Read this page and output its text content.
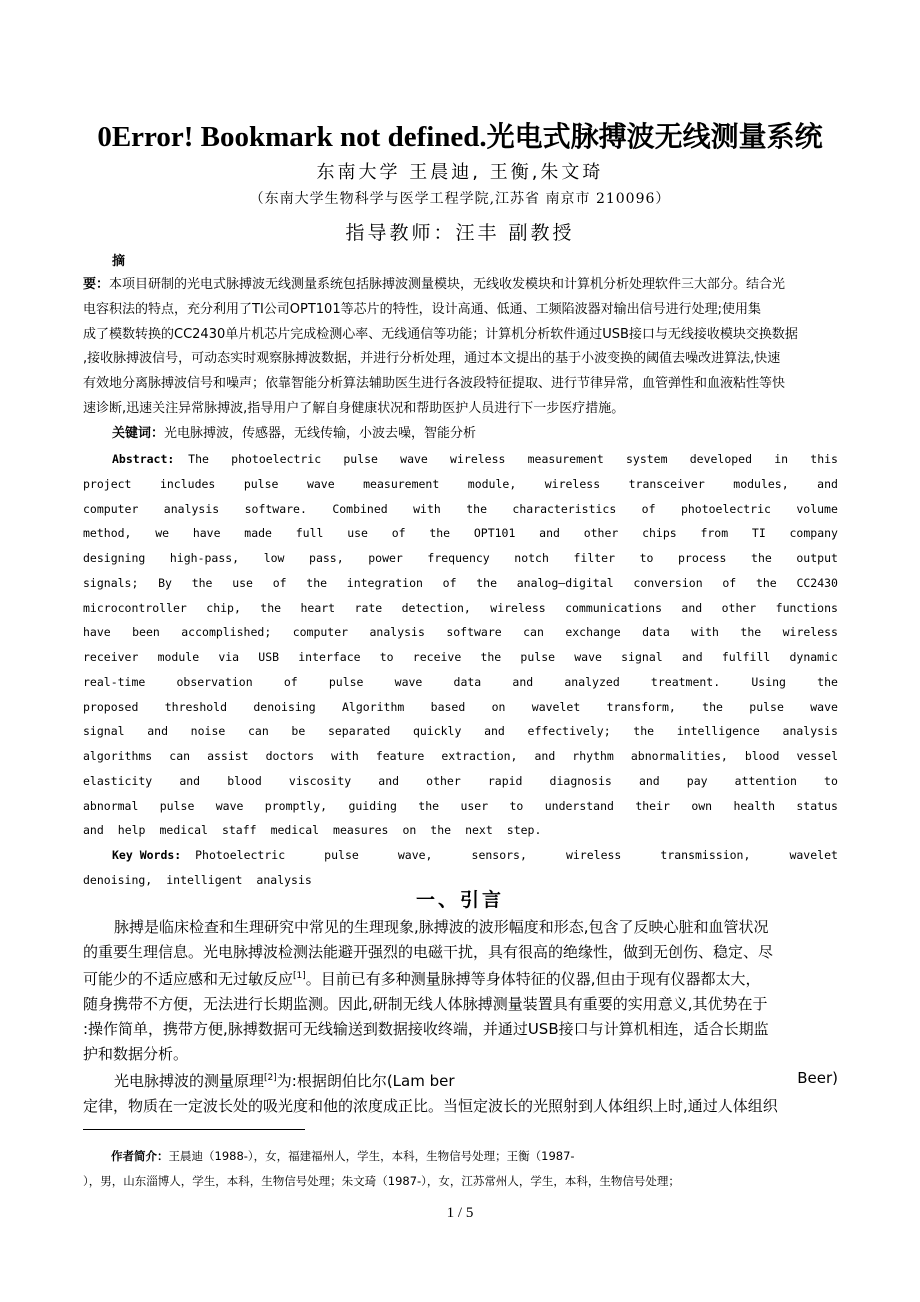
0Error! Bookmark not defined.光电式脉搏波无线测量系统
东南大学 王晨迪, 王衡,朱文琦
（东南大学生物科学与医学工程学院,江苏省 南京市 210096）
指导教师：汪丰 副教授
摘
要：本项目研制的光电式脉搏波无线测量系统包括脉搏波测量模块，无线收发模块和计算机分析处理软件三大部分。结合光
电容积法的特点，充分利用了TI公司OPT101等芯片的特性，设计高通、低通、工频陷波器对输出信号进行处理;使用集
成了模数转换的CC2430单片机芯片完成检测心率、无线通信等功能；计算机分析软件通过USB接口与无线接收模块交换数据
,接收脉搏波信号，可动态实时观察脉搏波数据，并进行分析处理，通过本文提出的基于小波变换的阈值去噪改进算法,快速
有效地分离脉搏波信号和噪声；依靠智能分析算法辅助医生进行各波段特征提取、进行节律异常，血管弹性和血液粘性等快
速诊断,迅速关注异常脉搏波,指导用户了解自身健康状况和帮助医护人员进行下一步医疗措施。
关键词：光电脉搏波，传感器，无线传输，小波去噪，智能分析
Abstract:
The photoelectric pulse wave wireless measurement system developed in this
project includes pulse wave measurement module, wireless transceiver modules, and
computer analysis software. Combined with the characteristics of photoelectric volume
method, we have made full use of the OPT101 and other chips from TI company
designing high-pass, low pass, power frequency notch filter to process the output
signals; By the use of the integration of the analog—digital conversion of the CC2430
microcontroller chip, the heart rate detection, wireless communications and other functions
have been accomplished; computer analysis software can exchange data with the wireless
receiver module via USB interface to receive the pulse wave signal and fulfill dynamic
real-time	observation	of	pulse	wave	data	and	analyzed	treatment.	Using	the
proposed threshold denoising Algorithm based on wavelet transform, the pulse wave
signal and noise can be separated quickly and effectively; the intelligence analysis
algorithms can assist doctors with feature extraction, and rhythm abnormalities, blood vessel
elasticity and blood viscosity and other rapid diagnosis and pay attention to
abnormal pulse wave promptly, guiding the user to understand their own health status
and help medical staff medical measures on the next step.
Key Words:
Photoelectric	pulse	wave,	sensors,	wireless	transmission,	wavelet
denoising, intelligent analysis
一、引言
脉搏是临床检查和生理研究中常见的生理现象,脉搏波的波形幅度和形态,包含了反映心脏和血管状况
的重要生理信息。光电脉搏波检测法能避开强烈的电磁干扰，具有很高的绝缘性，做到无创伤、稳定、尽
可能少的不适应感和无过敏反应[1]。目前已有多种测量脉搏等身体特征的仪器,但由于现有仪器都太大，
随身携带不方便，无法进行长期监测。因此,研制无线人体脉搏测量装置具有重要的实用意义,其优势在于
:操作简单，携带方便,脉搏数据可无线输送到数据接收终端，并通过USB接口与计算机相连，适合长期监
护和数据分析。
光电脉搏波的测量原理[2]为:根据朗伯比尔(Lam ber	Beer)
定律，物质在一定波长处的吸光度和他的浓度成正比。当恒定波长的光照射到人体组织上时,通过人体组织
作者简介：王晨迪（1988-），女，福建福州人，学生，本科，生物信号处理；王衡（1987-
），男，山东淄博人，学生，本科，生物信号处理；朱文琦（1987-），女，江苏常州人，学生，本科，生物信号处理；
1 / 5
